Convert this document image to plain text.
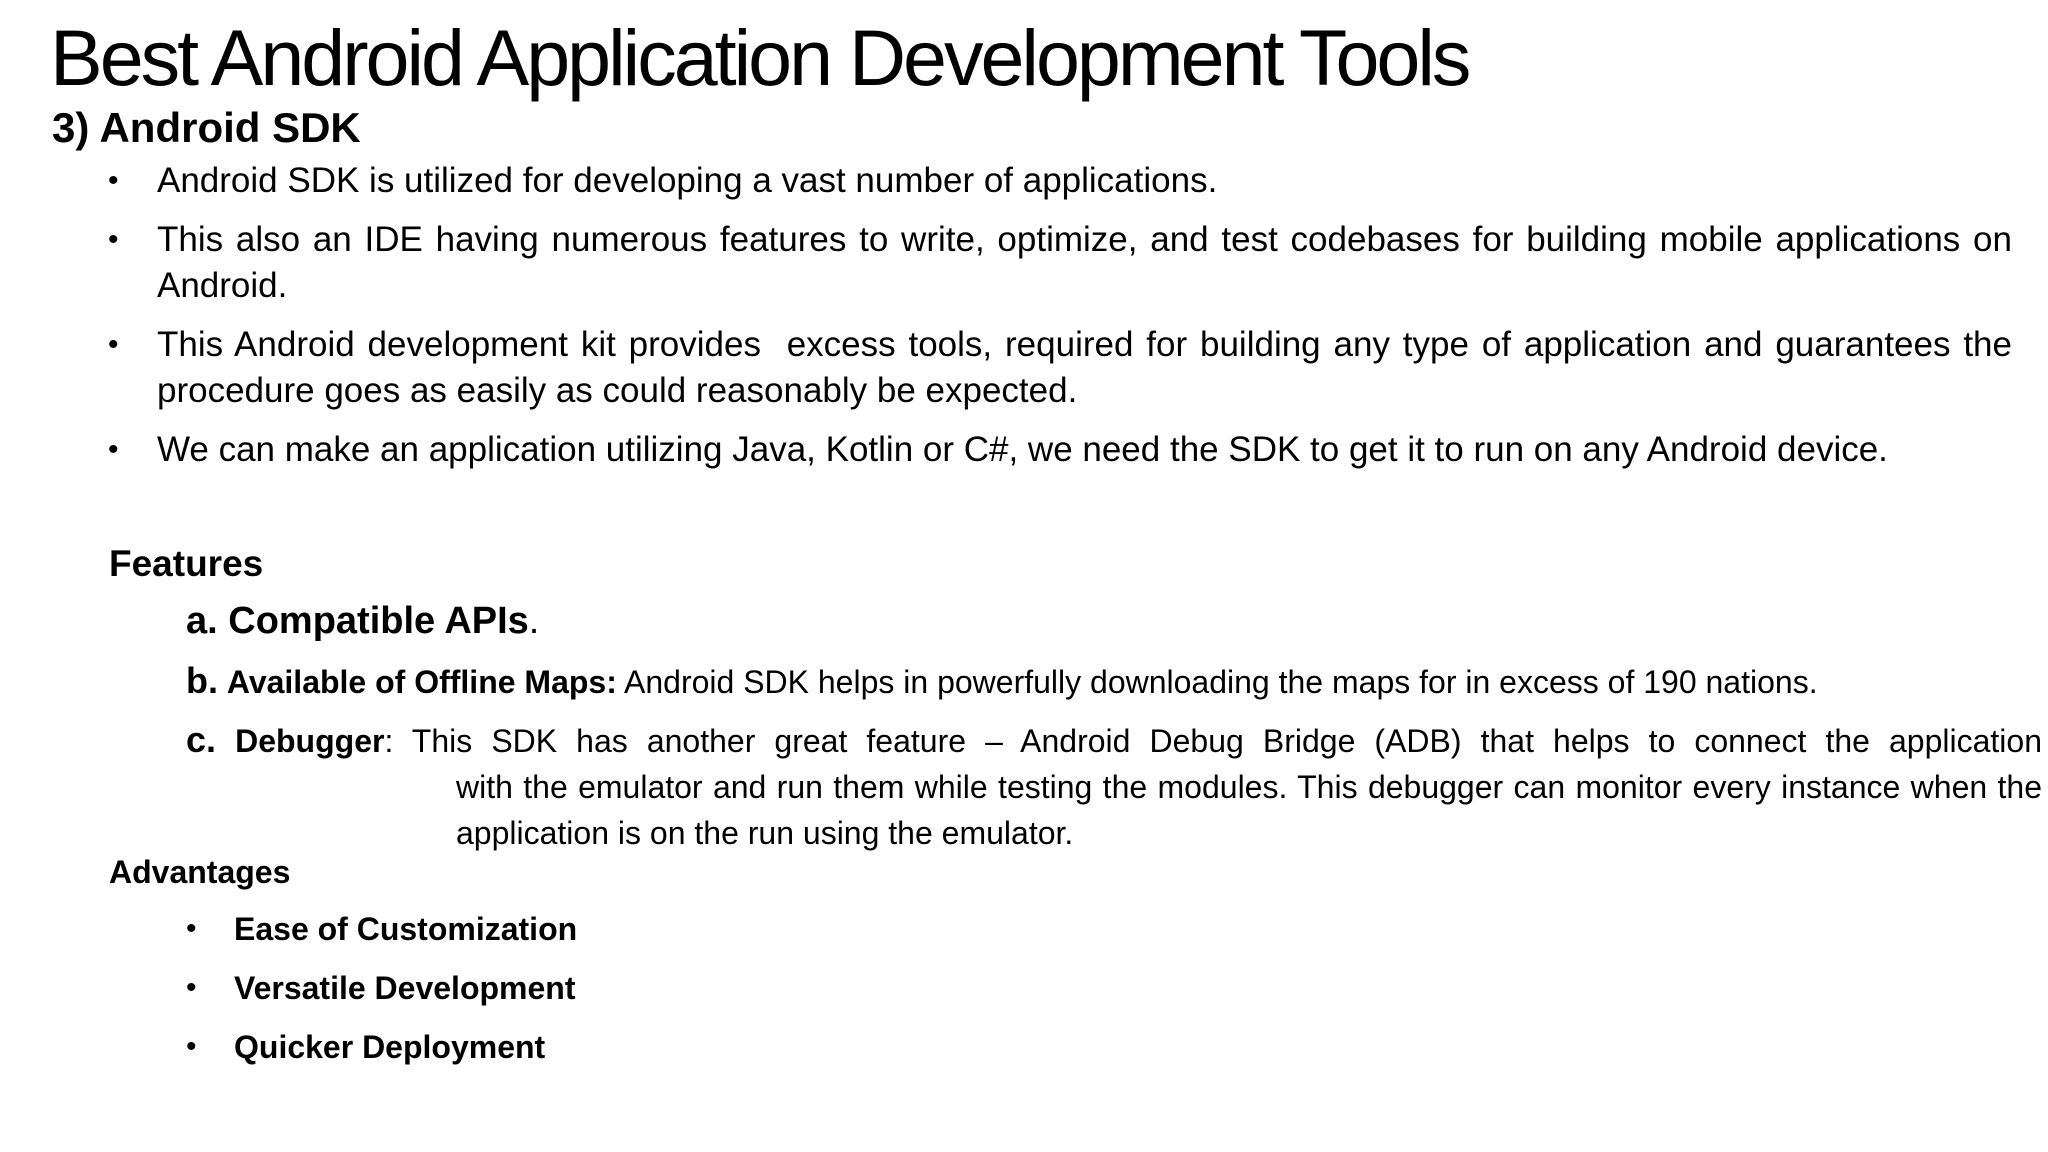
Best Android Application Development Tools
3) Android SDK
• Android SDK is utilized for developing a vast number of applications.
• This also an IDE having numerous features to write, optimize, and test codebases for building mobile applications on Android.
• This Android development kit provides  excess tools, required for building any type of application and guarantees the procedure goes as easily as could reasonably be expected.
• We can make an application utilizing Java, Kotlin or C#, we need the SDK to get it to run on any Android device.
Features
a. Compatible APIs.
b. Available of Offline Maps: Android SDK helps in powerfully downloading the maps for in excess of 190 nations.
c. Debugger: This SDK has another great feature – Android Debug Bridge (ADB) that helps to connect the application
with the emulator and run them while testing the modules. This debugger can monitor every instance when the application is on the run using the emulator.
Advantages
• Ease of Customization
• Versatile Development
• Quicker Deployment
